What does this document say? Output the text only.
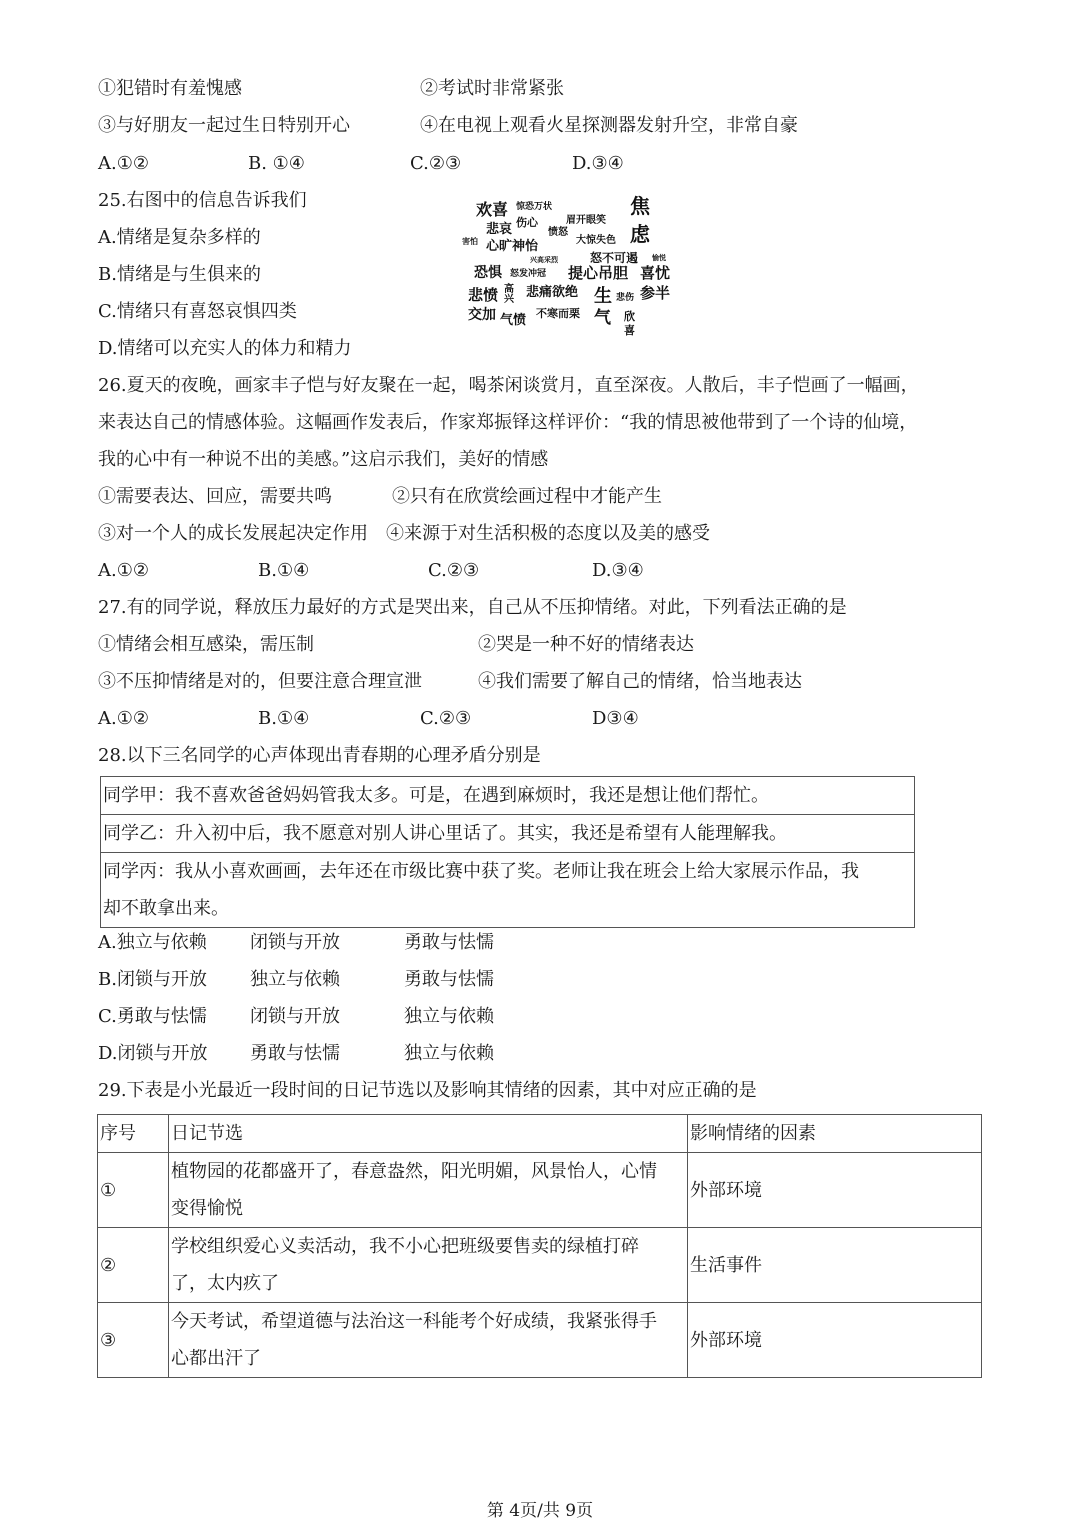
①犯错时有羞愧感	②考试时非常紧张
③与好朋友一起过生日特别开心	④在电视上观看火星探测器发射升空，非常自豪
A.①②	B. ①④	C.②③	D.③④
25.右图中的信息告诉我们
A.情绪是复杂多样的
B.情绪是与生俱来的
C.情绪只有喜怒哀惧四类
D.情绪可以充实人的体力和精力
欢喜 惊恐万状	焦
伤心	眉开眼笑
悲哀	愤怒	虑
害怕 心旷神怡	大惊失色
兴高采烈	怒不可遏 愉悦
恐惧 怒发冲冠 提心吊胆 喜忧
悲愤 高兴 悲痛欲绝 生 悲伤 参半
交加 气愤 不寒而栗 气 欣喜
26.夏天的夜晚，画家丰子恺与好友聚在一起，喝茶闲谈赏月，直至深夜。人散后，丰子恺画了一幅画，
来表达自己的情感体验。这幅画作发表后，作家郑振铎这样评价：“我的情思被他带到了一个诗的仙境，
我的心中有一种说不出的美感。”这启示我们，美好的情感
①需要表达、回应，需要共鸣	②只有在欣赏绘画过程中才能产生
③对一个人的成长发展起决定作用 ④来源于对生活积极的态度以及美的感受
A.①②	B.①④	C.②③	D.③④
27.有的同学说，释放压力最好的方式是哭出来，自己从不压抑情绪。对此，下列看法正确的是
①情绪会相互感染，需压制	②哭是一种不好的情绪表达
③不压抑情绪是对的，但要注意合理宣泄	④我们需要了解自己的情绪，恰当地表达
A.①②	B.①④	C.②③	D③④
28.以下三名同学的心声体现出青春期的心理矛盾分别是
同学甲：我不喜欢爸爸妈妈管我太多。可是，在遇到麻烦时，我还是想让他们帮忙。
同学乙：升入初中后，我不愿意对别人讲心里话了。其实，我还是希望有人能理解我。

同学丙：我从小喜欢画画，去年还在市级比赛中获了奖。老师让我在班会上给大家展示作品，我
却不敢拿出来。
A.独立与依赖 闭锁与开放	勇敢与怯懦
B.闭锁与开放 独立与依赖	勇敢与怯懦
C.勇敢与怯懦 闭锁与开放	独立与依赖
D.闭锁与开放 勇敢与怯懦	独立与依赖
29.下表是小光最近一段时间的日记节选以及影响其情绪的因素，其中对应正确的是
序号	日记节选	影响情绪的因素
①	植物园的花都盛开了，春意盎然，阳光明媚，风景怡人，心情
变得愉悦	外部环境
②	学校组织爱心义卖活动，我不小心把班级要售卖的绿植打碎
了，太内疚了	生活事件
③	今天考试，希望道德与法治这一科能考个好成绩，我紧张得手
心都出汗了	外部环境
第 4页/共 9页
